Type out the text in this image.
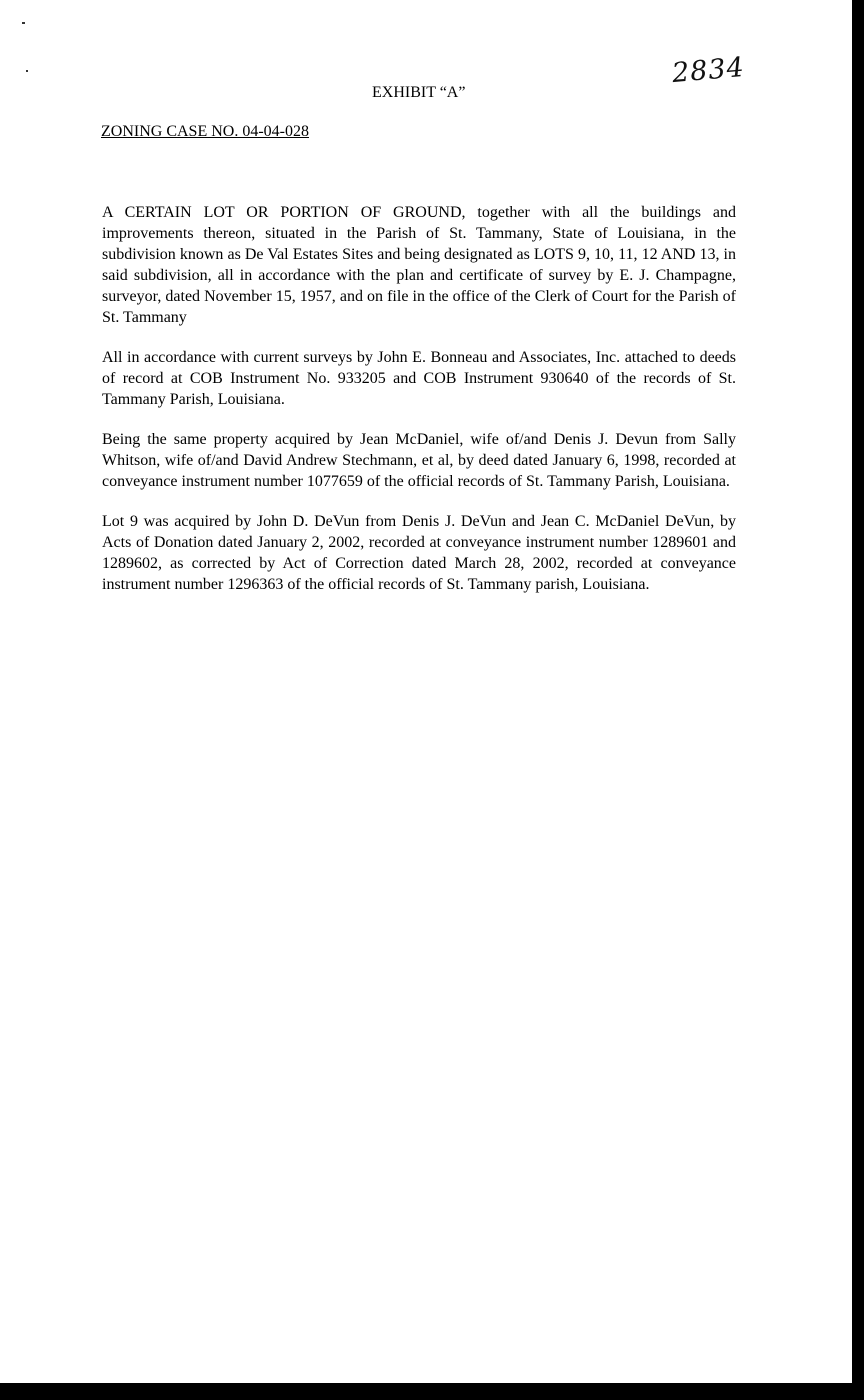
2834
EXHIBIT “A”
ZONING CASE NO. 04-04-028

A CERTAIN LOT OR PORTION OF GROUND, together with all the buildings and improvements thereon, situated in the Parish of St. Tammany, State of Louisiana, in the subdivision known as De Val Estates Sites and being designated as LOTS 9, 10, 11, 12 AND 13, in said subdivision, all in accordance with the plan and certificate of survey by E. J. Champagne, surveyor, dated November 15, 1957, and on file in the office of the Clerk of Court for the Parish of St. Tammany

All in accordance with current surveys by John E. Bonneau and Associates, Inc. attached to deeds of record at COB Instrument No. 933205 and COB Instrument 930640 of the records of St. Tammany Parish, Louisiana.

Being the same property acquired by Jean McDaniel, wife of/and Denis J. Devun from Sally Whitson, wife of/and David Andrew Stechmann, et al, by deed dated January 6, 1998, recorded at conveyance instrument number 1077659 of the official records of St. Tammany Parish, Louisiana.

Lot 9 was acquired by John D. DeVun from Denis J. DeVun and Jean C. McDaniel DeVun, by Acts of Donation dated January 2, 2002, recorded at conveyance instrument number 1289601 and 1289602, as corrected by Act of Correction dated March 28, 2002, recorded at conveyance instrument number 1296363 of the official records of St. Tammany parish, Louisiana.
